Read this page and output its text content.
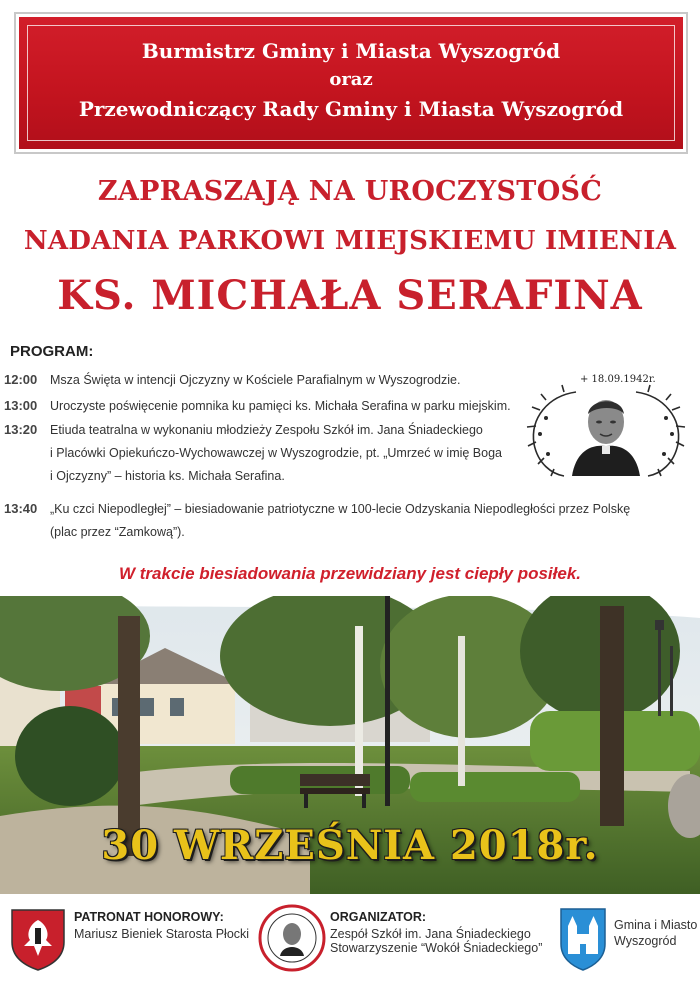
Burmistrz Gminy i Miasta Wyszogród
oraz
Przewodniczący Rady Gminy i Miasta Wyszogród
ZAPRASZAJĄ NA UROCZYSTOŚĆ
NADANIA PARKOWI MIEJSKIEMU IMIENIA
KS. MICHAŁA SERAFINA
PROGRAM:
12:00 Msza Święta w intencji Ojczyzny w Kościele Parafialnym w Wyszogrodzie.
13:00 Uroczyste poświęcenie pomnika ku pamięci ks. Michała Serafina w parku miejskim.
13:20 Etiuda teatralna w wykonaniu młodzieży Zespołu Szkół im. Jana Śniadeckiego
i Placówki Opiekuńczo-Wychowawczej w Wyszogrodzie, pt. „Umrzeć w imię Boga
i Ojczyzny” – historia ks. Michała Serafina.
13:40 „Ku czci Niepodległej” – biesiadowanie patriotyczne w 100-lecie Odzyskania Niepodległości przez Polskę
(plac przez “Zamkową”).
+ 18.09.1942r.
W trakcie biesiadowania przewidziany jest ciepły posiłek.
30 WRZEŚNIA 2018r.
PATRONAT HONOROWY:
Mariusz Bieniek Starosta Płocki
ORGANIZATOR:
Zespół Szkół im. Jana Śniadeckiego
Stowarzyszenie “Wokół Śniadeckiego”
Gmina i Miasto
Wyszogród
